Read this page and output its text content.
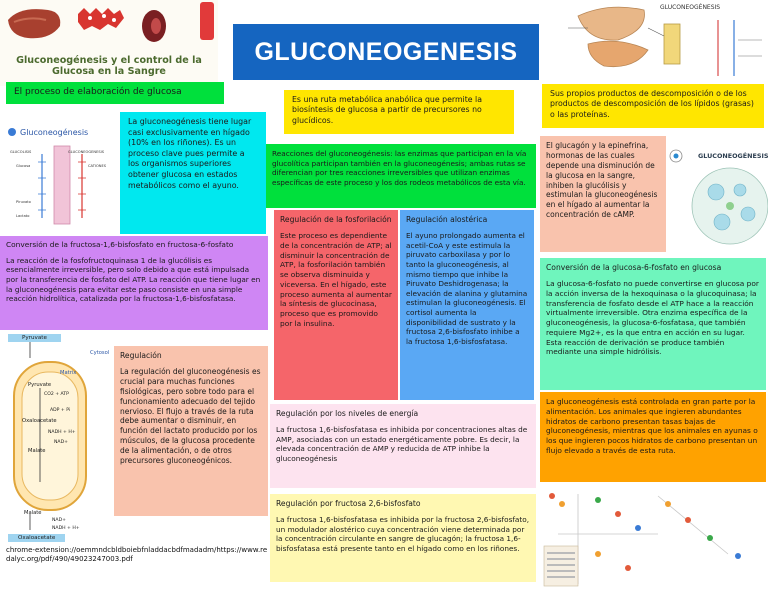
Gluconeogénesis y el control de la Glucosa en la Sangre
GLUCONEOGENESIS
GLUCONEOGÉNESIS
El proceso de elaboración de glucosa
Es una ruta metabólica anabólica que permite la biosíntesis de glucosa a partir de precursores no glucídicos.
Sus propios productos de descomposición o de los productos de descomposición de los lípidos (grasas) o las proteínas.
Gluconeogénesis
GLUCOLISIS	GLUCONEOGENESIS
Glucosa
Piruvato
Lactato
CATIONES
La gluconeogénesis tiene lugar casi exclusivamente en hígado (10% en los riñones). Es un proceso clave pues permite a los organismos superiores obtener glucosa en estados metabólicos como el ayuno.
Reacciones del gluconeogénesis: las enzimas que participan en la vía glucolítica participan también en la gluconeogénesis; ambas rutas se diferencian por tres reacciones irreversibles que utilizan enzimas específicas de este proceso y los dos rodeos metabólicos de esta vía.
El glucagón y la epinefrina, hormonas de las cuales depende una disminución de la glucosa en la sangre, inhiben la glucólisis y estimulan la gluconeogénesis en el hígado al aumentar la concentración de cAMP.
GLUCONEOGÉNESIS
Conversión de la fructosa-1,6-bisfosfato en fructosa-6-fosfato
La reacción de la fosfofructoquinasa 1 de la glucólisis es esencialmente irreversible, pero solo debido a que está impulsada por la transferencia de fosfato del ATP. La reacción que tiene lugar en la gluconeogénesis para evitar este paso consiste en una simple reacción hidrolítica, catalizada por la fructosa-1,6-bisfosfatasa.
Regulación de la fosforilación
Este proceso es dependiente de la concentración de ATP; al disminuir la concentración de ATP, la fosforilación también se observa disminuida y viceversa. En el hígado, este proceso aumenta al aumentar la síntesis de glucocinasa, proceso que es promovido por la insulina.
Regulación alostérica
El ayuno prolongado aumenta el acetil-CoA y este estimula la piruvato carboxilasa y por lo tanto la gluconeogénesis, al mismo tiempo que inhibe la Piruvato Deshidrogenasa; la elevación de alanina y glutamina estimulan la gluconeogénesis. El cortisol aumenta la disponibilidad de sustrato y la fructosa 2,6-bisfosfato inhibe a la fructosa 1,6-bisfosfatasa.
Conversión de la glucosa-6-fosfato en glucosa
La glucosa-6-fosfato no puede convertirse en glucosa por la acción inversa de la hexoquinasa o la glucoquinasa; la transferencia de fosfato desde el ATP hace a la reacción virtualmente irreversible. Otra enzima específica de la gluconeogénesis, la glucosa-6-fosfatasa, que también requiere Mg2+, es la que entra en acción en su lugar. Esta reacción de derivación se produce también mediante una simple hidrólisis.
Pyruvate
Cytosol
Matrix
Pyruvate
CO2 + ATP
ADP + Pi
Oxaloacetate
NADH + H+
NAD+
Malate
Malate
NAD+
NADH + H+
Oxaloacetate
Regulación
La regulación del gluconeogénesis es crucial para muchas funciones fisiológicas, pero sobre todo para el funcionamiento adecuado del tejido nervioso. El flujo a través de la ruta debe aumentar o disminuir, en función del lactato producido por los músculos, de la glucosa procedente de la alimentación, o de otros precursores gluconeogénicos.
Regulación por los niveles de energía
La fructosa 1,6-bisfosfatasa es inhibida por concentraciones altas de AMP, asociadas con un estado energéticamente pobre. Es decir, la elevada concentración de AMP y reducida de ATP inhibe la gluconeogénesis
La gluconeogénesis está controlada en gran parte por la alimentación. Los animales que ingieren abundantes hidratos de carbono presentan tasas bajas de gluconeogénesis, mientras que los animales en ayunas o los que ingieren pocos hidratos de carbono presentan un flujo elevado a través de esta ruta.
Regulación por fructosa 2,6-bisfosfato
La fructosa 1,6-bisfosfatasa es inhibida por la fructosa 2,6-bisfosfato, un modulador alostérico cuya concentración viene determinada por la concentración circulante en sangre de glucagón; la fructosa 1,6-bisfosfatasa está presente tanto en el hígado como en los riñones.
chrome-extension://oemmndcbldboiebfnladdacbdfmadadm/https://www.redalyc.org/pdf/490/49023247003.pdf
